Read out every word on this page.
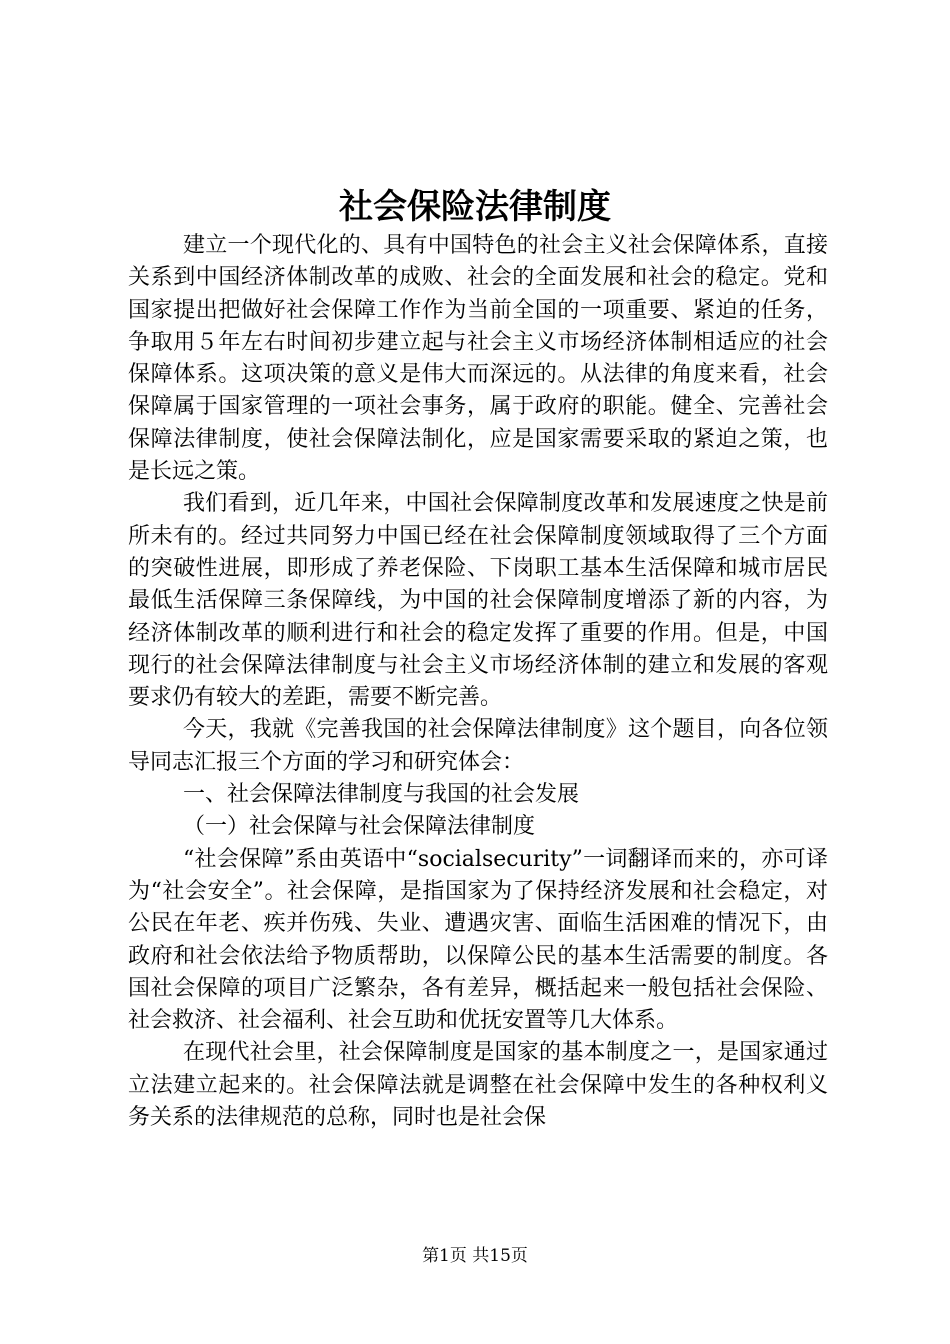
社会保险法律制度

建立一个现代化的、具有中国特色的社会主义社会保障体系，直接关系到中国经济体制改革的成败、社会的全面发展和社会的稳定。党和国家提出把做好社会保障工作作为当前全国的一项重要、紧迫的任务，争取用５年左右时间初步建立起与社会主义市场经济体制相适应的社会保障体系。这项决策的意义是伟大而深远的。从法律的角度来看，社会保障属于国家管理的一项社会事务，属于政府的职能。健全、完善社会保障法律制度，使社会保障法制化，应是国家需要采取的紧迫之策，也是长远之策。

我们看到，近几年来，中国社会保障制度改革和发展速度之快是前所未有的。经过共同努力中国已经在社会保障制度领域取得了三个方面的突破性进展，即形成了养老保险、下岗职工基本生活保障和城市居民最低生活保障三条保障线，为中国的社会保障制度增添了新的内容，为经济体制改革的顺利进行和社会的稳定发挥了重要的作用。但是，中国现行的社会保障法律制度与社会主义市场经济体制的建立和发展的客观要求仍有较大的差距，需要不断完善。

今天，我就《完善我国的社会保障法律制度》这个题目，向各位领导同志汇报三个方面的学习和研究体会：

一、社会保障法律制度与我国的社会发展

（一）社会保障与社会保障法律制度

“社会保障”系由英语中“socialsecurity”一词翻译而来的，亦可译为“社会安全”。社会保障，是指国家为了保持经济发展和社会稳定，对公民在年老、疾并伤残、失业、遭遇灾害、面临生活困难的情况下，由政府和社会依法给予物质帮助，以保障公民的基本生活需要的制度。各国社会保障的项目广泛繁杂，各有差异，概括起来一般包括社会保险、社会救济、社会福利、社会互助和优抚安置等几大体系。

在现代社会里，社会保障制度是国家的基本制度之一，是国家通过立法建立起来的。社会保障法就是调整在社会保障中发生的各种权利义务关系的法律规范的总称，同时也是社会保

第1页 共15页
